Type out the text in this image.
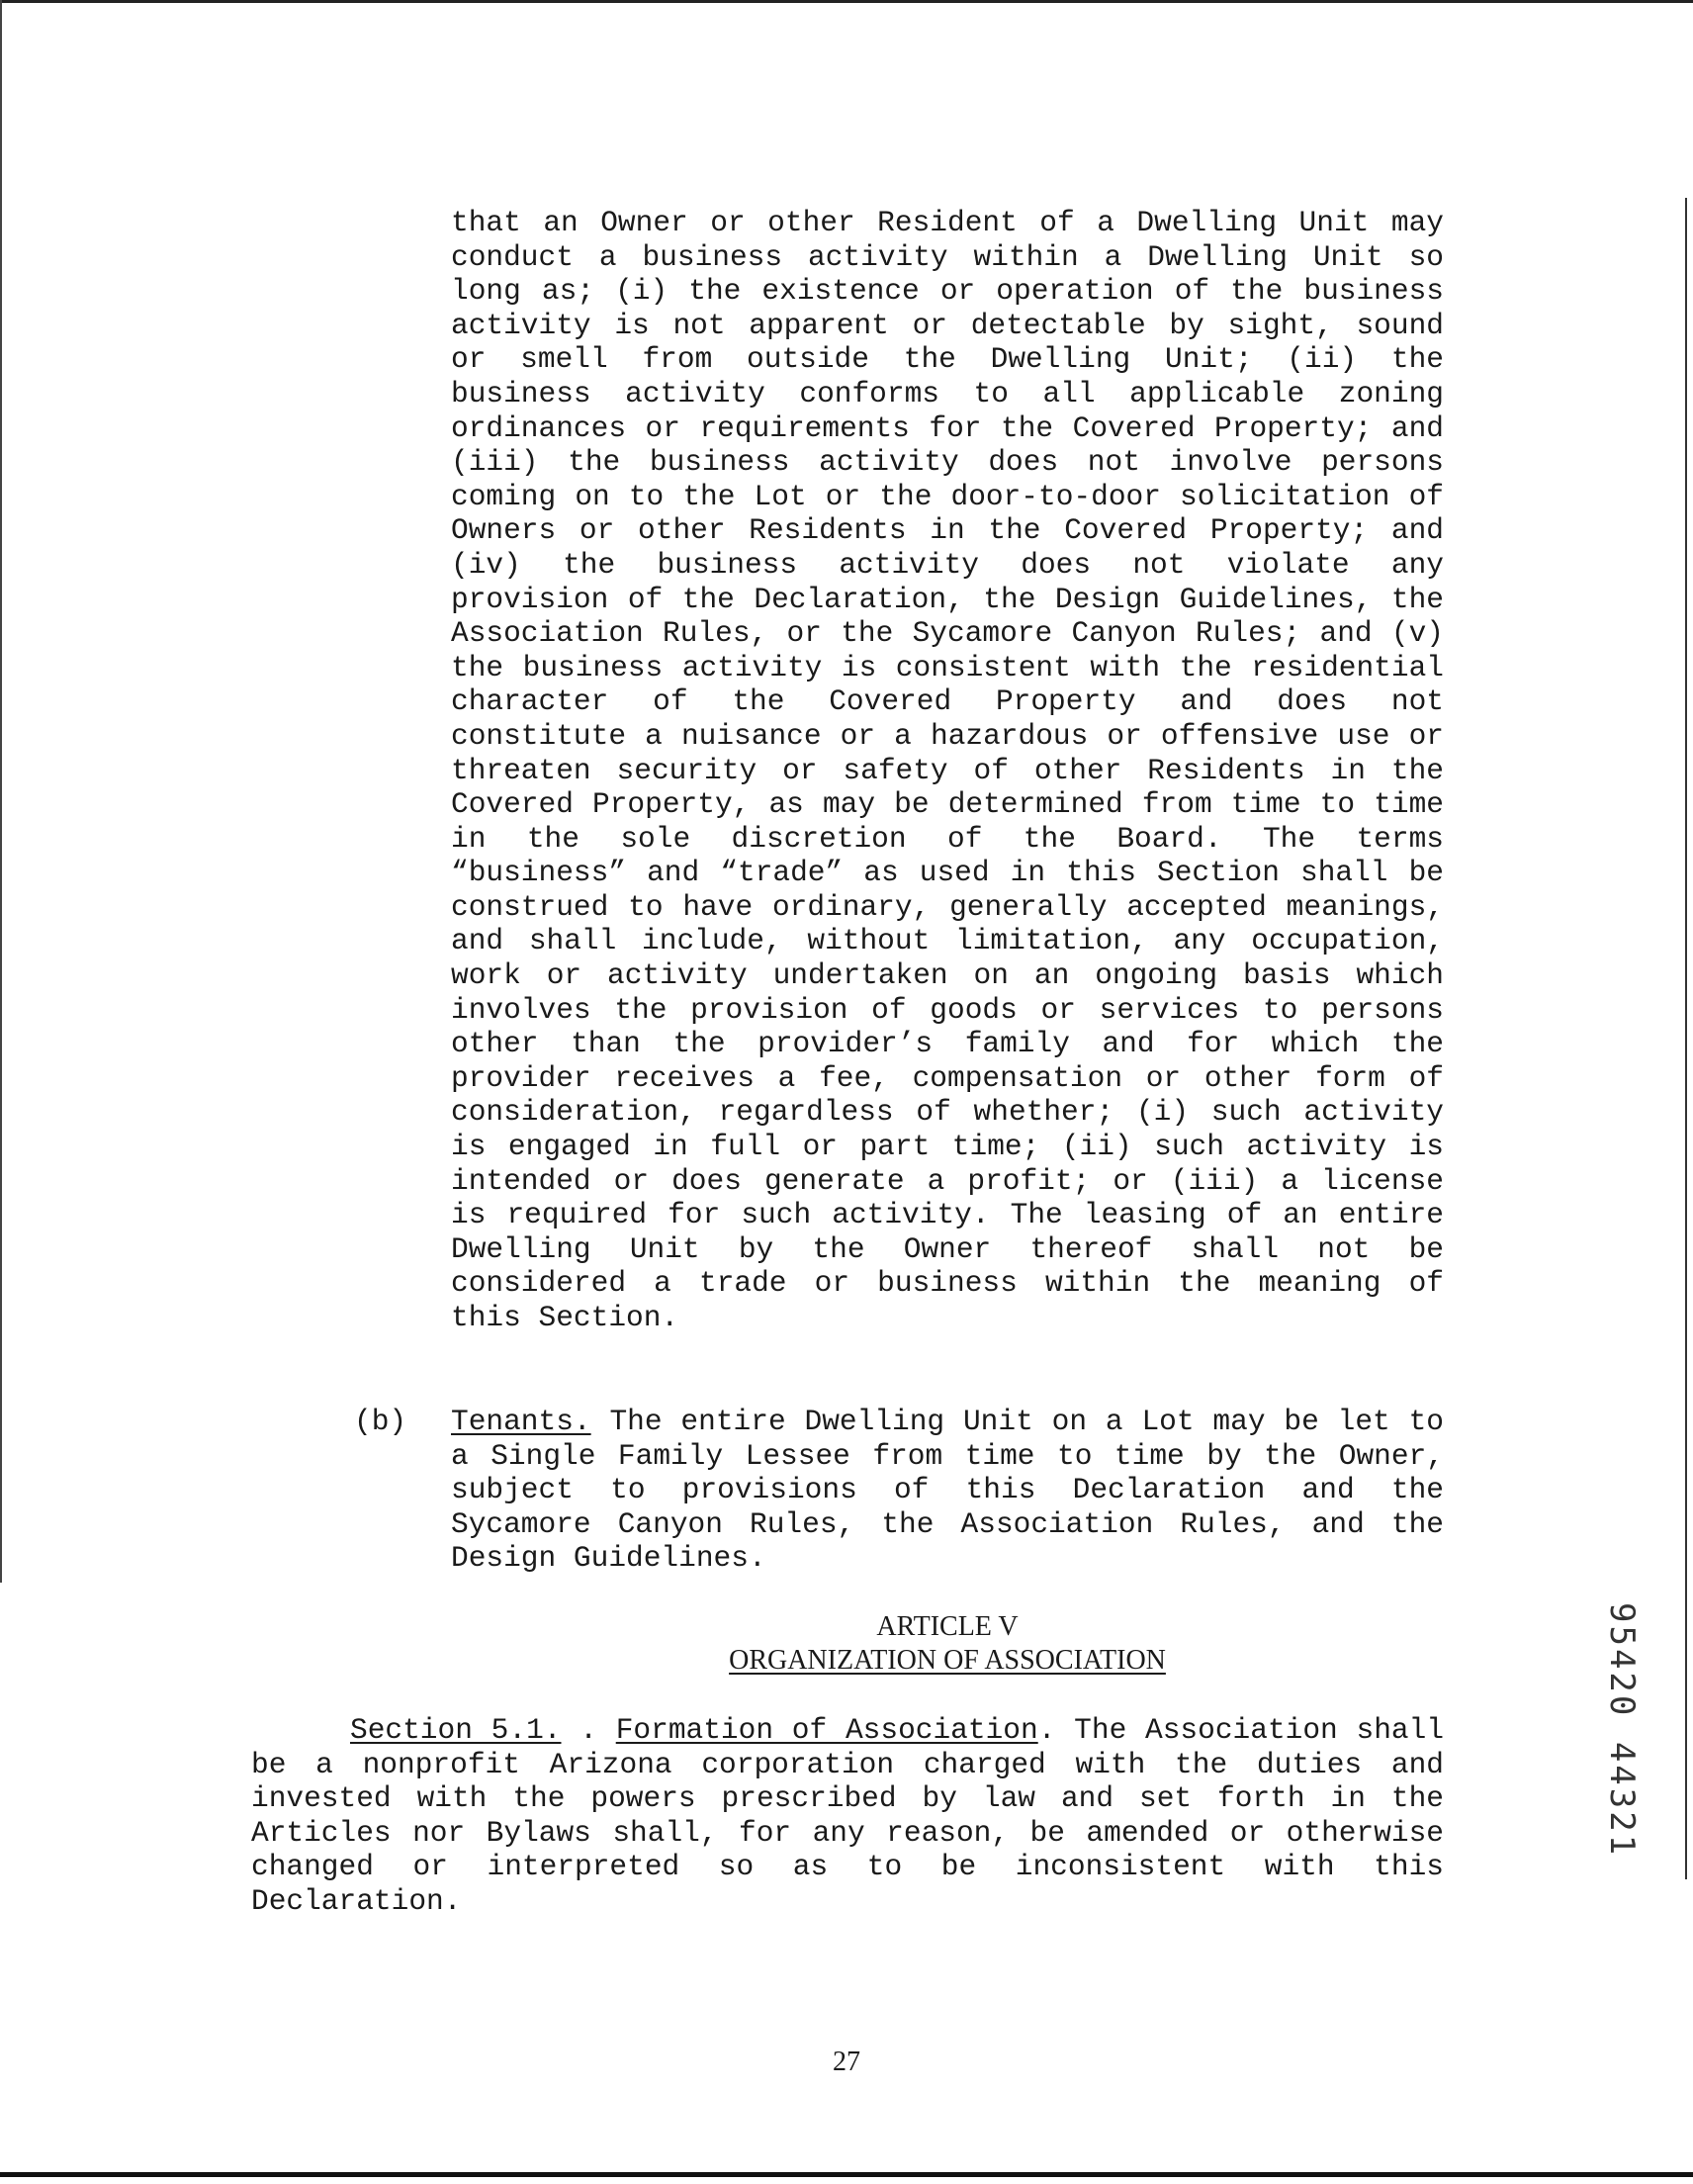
that an Owner or other Resident of a Dwelling Unit may conduct a business activity within a Dwelling Unit so long as; (i) the existence or operation of the business activity is not apparent or detectable by sight, sound or smell from outside the Dwelling Unit; (ii) the business activity conforms to all applicable zoning ordinances or requirements for the Covered Property; and (iii) the business activity does not involve persons coming on to the Lot or the door-to-door solicitation of Owners or other Residents in the Covered Property; and (iv) the business activity does not violate any provision of the Declaration, the Design Guidelines, the Association Rules, or the Sycamore Canyon Rules; and (v) the business activity is consistent with the residential character of the Covered Property and does not constitute a nuisance or a hazardous or offensive use or threaten security or safety of other Residents in the Covered Property, as may be determined from time to time in the sole discretion of the Board. The terms “business” and “trade” as used in this Section shall be construed to have ordinary, generally accepted meanings, and shall include, without limitation, any occupation, work or activity undertaken on an ongoing basis which involves the provision of goods or services to persons other than the provider’s family and for which the provider receives a fee, compensation or other form of consideration, regardless of whether; (i) such activity is engaged in full or part time; (ii) such activity is intended or does generate a profit; or (iii) a license is required for such activity. The leasing of an entire Dwelling Unit by the Owner thereof shall not be considered a trade or business within the meaning of this Section.
(b) Tenants. The entire Dwelling Unit on a Lot may be let to a Single Family Lessee from time to time by the Owner, subject to provisions of this Declaration and the Sycamore Canyon Rules, the Association Rules, and the Design Guidelines.
ARTICLE V
ORGANIZATION OF ASSOCIATION
Section 5.1. . Formation of Association. The Association shall be a nonprofit Arizona corporation charged with the duties and invested with the powers prescribed by law and set forth in the Articles nor Bylaws shall, for any reason, be amended or otherwise changed or interpreted so as to be inconsistent with this Declaration.
95420 44321
27
